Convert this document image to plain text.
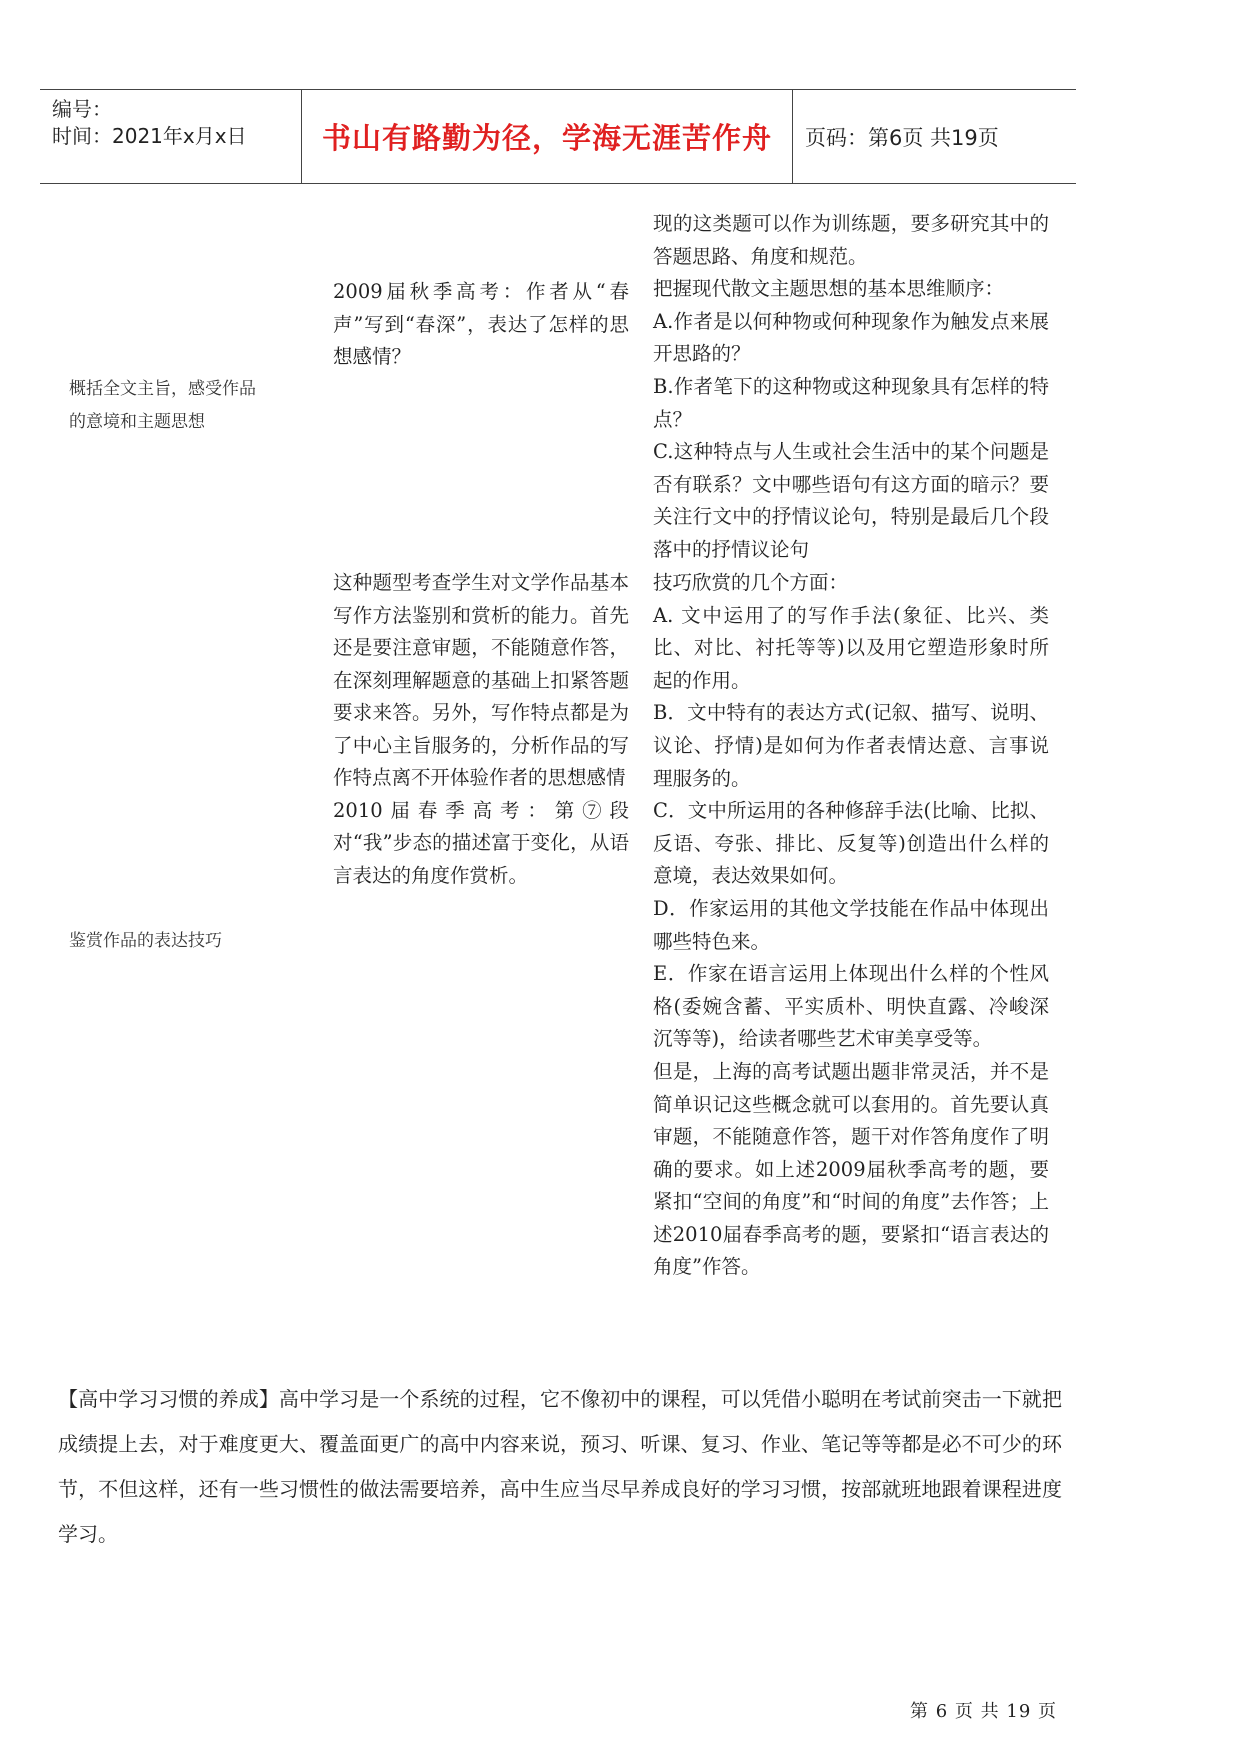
编号：
时间：2021年x月x日	书山有路勤为径，学海无涯苦作舟	页码：第6页 共19页
概括全文主旨，感受作品的意境和主题思想
2009届秋季高考：作者从“春声”写到“春深”，表达了怎样的思想感情？
现的这类题可以作为训练题，要多研究其中的答题思路、角度和规范。
把握现代散文主题思想的基本思维顺序：
A.作者是以何种物或何种现象作为触发点来展开思路的？
B.作者笔下的这种物或这种现象具有怎样的特点？
C.这种特点与人生或社会生活中的某个问题是否有联系？文中哪些语句有这方面的暗示？要关注行文中的抒情议论句，特别是最后几个段落中的抒情议论句
鉴赏作品的表达技巧
这种题型考查学生对文学作品基本写作方法鉴别和赏析的能力。首先还是要注意审题，不能随意作答，在深刻理解题意的基础上扣紧答题要求来答。另外，写作特点都是为了中心主旨服务的，分析作品的写作特点离不开体验作者的思想感情
2010届春季高考：第⑦段对“我”步态的描述富于变化，从语言表达的角度作赏析。
技巧欣赏的几个方面：
A. 文中运用了的写作手法(象征、比兴、类比、对比、衬托等等)以及用它塑造形象时所起的作用。
B．文中特有的表达方式(记叙、描写、说明、议论、抒情)是如何为作者表情达意、言事说理服务的。
C．文中所运用的各种修辞手法(比喻、比拟、反语、夸张、排比、反复等)创造出什么样的意境，表达效果如何。
D．作家运用的其他文学技能在作品中体现出哪些特色来。
E．作家在语言运用上体现出什么样的个性风格(委婉含蓄、平实质朴、明快直露、冷峻深沉等等)，给读者哪些艺术审美享受等。
但是，上海的高考试题出题非常灵活，并不是简单识记这些概念就可以套用的。首先要认真审题，不能随意作答，题干对作答角度作了明确的要求。如上述2009届秋季高考的题，要紧扣“空间的角度”和“时间的角度”去作答；上述2010届春季高考的题，要紧扣“语言表达的角度”作答。
【高中学习习惯的养成】高中学习是一个系统的过程，它不像初中的课程，可以凭借小聪明在考试前突击一下就把成绩提上去，对于难度更大、覆盖面更广的高中内容来说，预习、听课、复习、作业、笔记等等都是必不可少的环节，不但这样，还有一些习惯性的做法需要培养，高中生应当尽早养成良好的学习习惯，按部就班地跟着课程进度学习。
第 6 页 共 19 页
